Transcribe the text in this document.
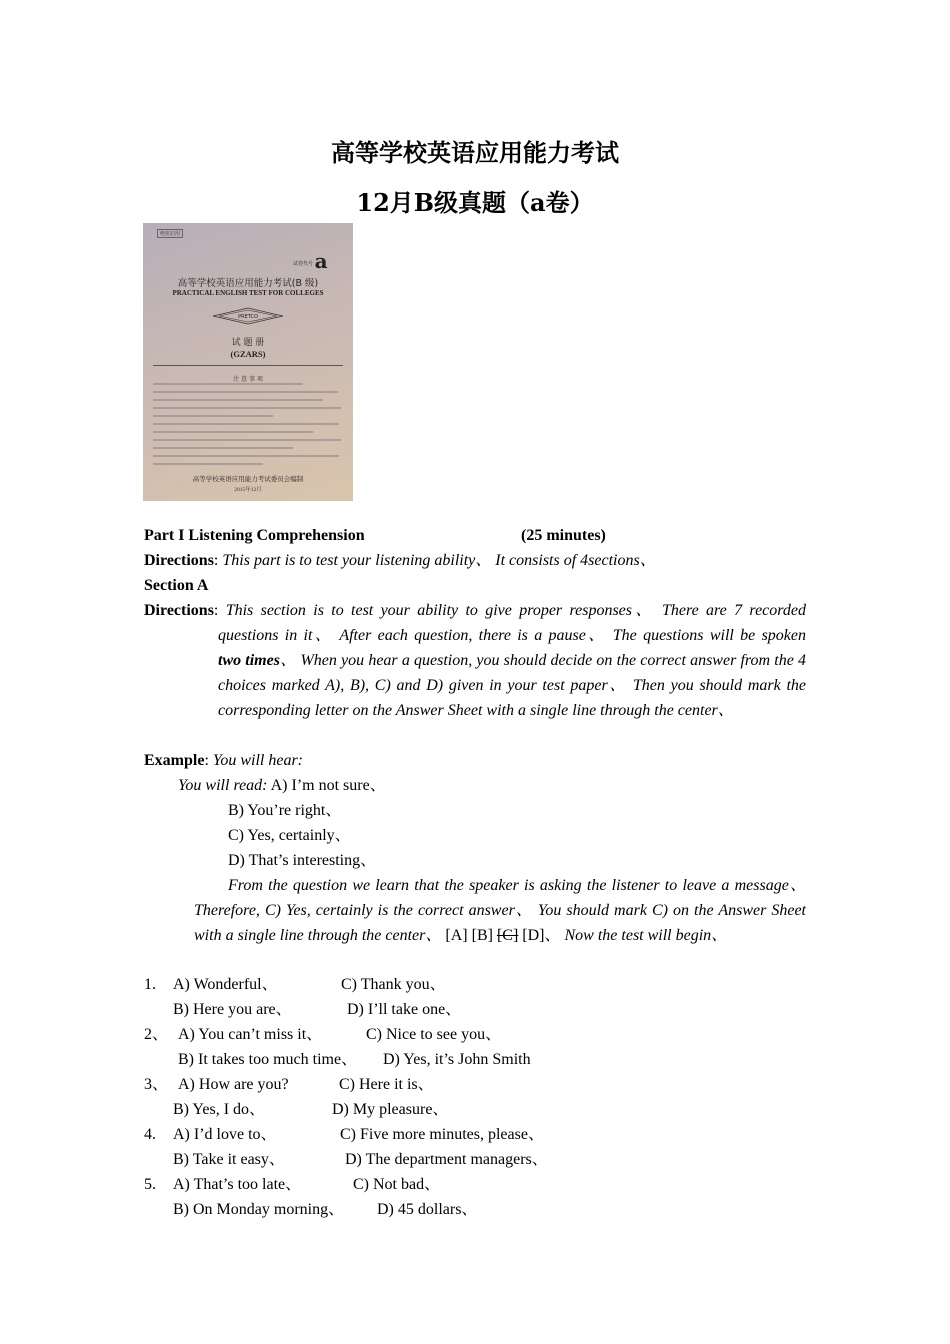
高等学校英语应用能力考试
12月B级真题（a卷）
绝密启用
试卷代号 a
高等学校英语应用能力考试(B 级)
PRACTICAL ENGLISH TEST FOR COLLEGES
PRETCO
试 题 册
(GZARS)
注 意 事 项
高等学校英语应用能力考试委员会编制
2015年12月
Part I Listening Comprehension	(25 minutes)
Directions: This part is to test your listening ability、 It consists of 4sections、
Section A
Directions: This section is to test your ability to give proper responses、 There are 7 recorded
questions in it、 After each question, there is a pause、 The questions will be spoken
two times、 When you hear a question, you should decide on the correct answer from the 4 choices marked A), B), C) and D) given in your test paper、 Then you should mark the corresponding letter on the Answer Sheet with a single line through the center、
Example: You will hear:
You will read: A) I’m not sure、
B) You’re right、
C) Yes, certainly、
D) That’s interesting、
From the question we learn that the speaker is asking the listener to leave a message、 Therefore, C) Yes, certainly is the correct answer、 You should mark C) on the Answer Sheet with a single line through the center、 [A] [B] [C] [D]、 Now the test will begin、
1. A) Wonderful、	C) Thank you、
B) Here you are、	D) I’ll take one、
2、 A) You can’t miss it、	C) Nice to see you、
B) It takes too much time、 D) Yes, it’s John Smith
3、 A) How are you?	C) Here it is、
B) Yes, I do、	D) My pleasure、
4. A) I’d love to、	C) Five more minutes, please、
B) Take it easy、	D) The department managers、
5. A) That’s too late、	C) Not bad、
B) On Monday morning、 D) 45 dollars、
